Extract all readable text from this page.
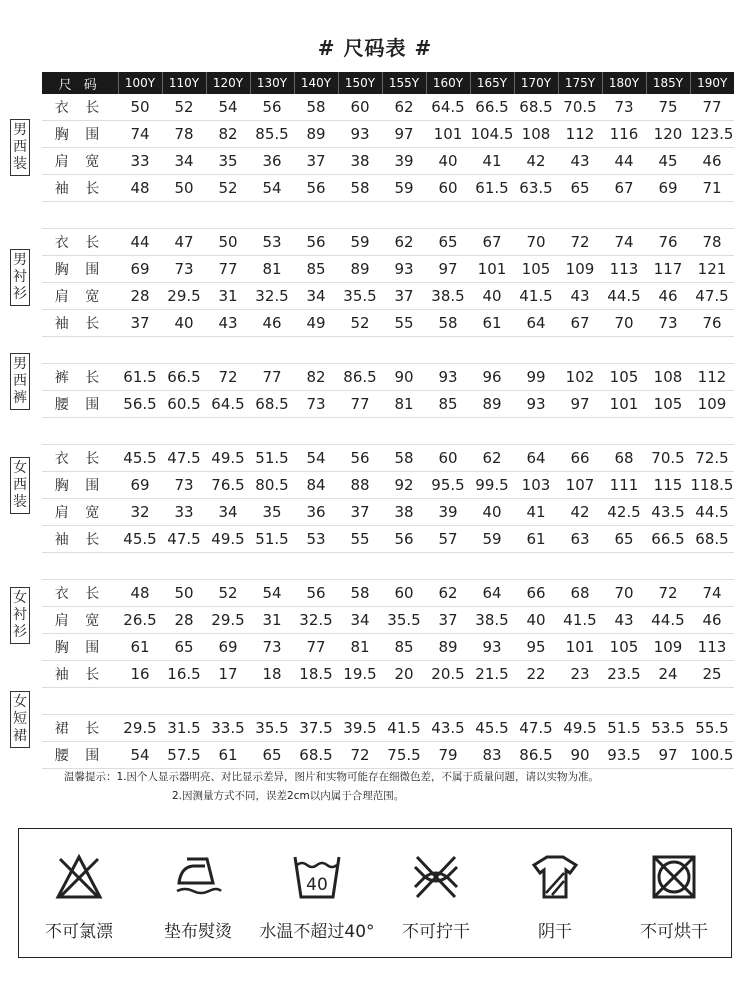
# 尺码表 #
尺 码	100Y	110Y	120Y	130Y	140Y	150Y	155Y	160Y	165Y	170Y	175Y	180Y	185Y	190Y
衣 长	50	52	54	56	58	60	62	64.5	66.5	68.5	70.5	73	75	77
胸 围	74	78	82	85.5	89	93	97	101	104.5	108	112	116	120	123.5
肩 宽	33	34	35	36	37	38	39	40	41	42	43	44	45	46
袖 长	48	50	52	54	56	58	59	60	61.5	63.5	65	67	69	71

衣 长	44	47	50	53	56	59	62	65	67	70	72	74	76	78
胸 围	69	73	77	81	85	89	93	97	101	105	109	113	117	121
肩 宽	28	29.5	31	32.5	34	35.5	37	38.5	40	41.5	43	44.5	46	47.5
袖 长	37	40	43	46	49	52	55	58	61	64	67	70	73	76

裤 长	61.5	66.5	72	77	82	86.5	90	93	96	99	102	105	108	112
腰 围	56.5	60.5	64.5	68.5	73	77	81	85	89	93	97	101	105	109

衣 长	45.5	47.5	49.5	51.5	54	56	58	60	62	64	66	68	70.5	72.5
胸 围	69	73	76.5	80.5	84	88	92	95.5	99.5	103	107	111	115	118.5
肩 宽	32	33	34	35	36	37	38	39	40	41	42	42.5	43.5	44.5
袖 长	45.5	47.5	49.5	51.5	53	55	56	57	59	61	63	65	66.5	68.5

衣 长	48	50	52	54	56	58	60	62	64	66	68	70	72	74
肩 宽	26.5	28	29.5	31	32.5	34	35.5	37	38.5	40	41.5	43	44.5	46
胸 围	61	65	69	73	77	81	85	89	93	95	101	105	109	113
袖 长	16	16.5	17	18	18.5	19.5	20	20.5	21.5	22	23	23.5	24	25

裙 长	29.5	31.5	33.5	35.5	37.5	39.5	41.5	43.5	45.5	47.5	49.5	51.5	53.5	55.5
腰 围	54	57.5	61	65	68.5	72	75.5	79	83	86.5	90	93.5	97	100.5
男西装
男衬衫
男西裤
女西装
女衬衫
女短裙
温馨提示：1.因个人显示器明亮、对比显示差异，图片和实物可能存在细微色差，不属于质量问题，请以实物为准。
2.因测量方式不同，误差2cm以内属于合理范围。
不可氯漂	垫布熨烫
40
水温不超过40°	不可拧干	阴干	不可烘干
